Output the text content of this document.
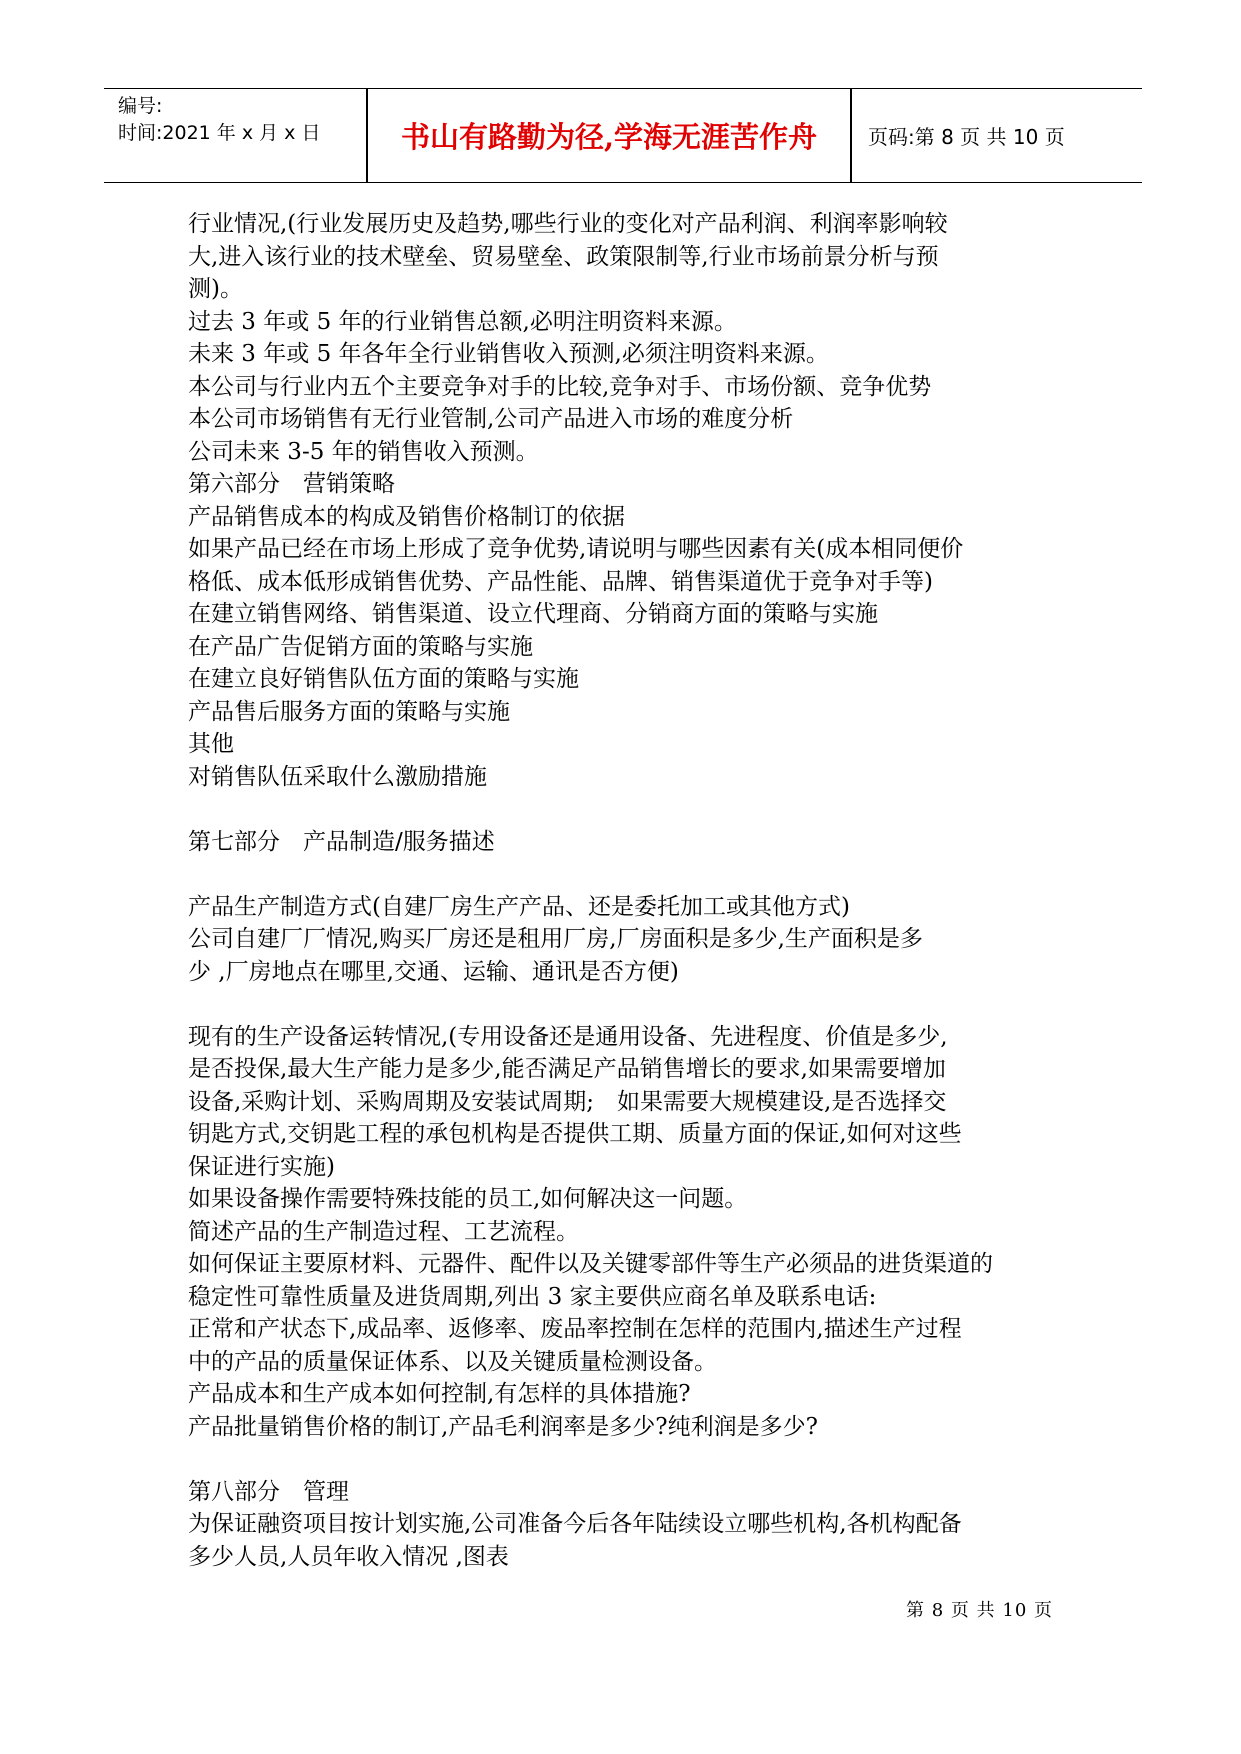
编号:
时间:2021 年 x 月 x 日	书山有路勤为径,学海无涯苦作舟	页码:第 8 页 共 10 页
行业情况,(行业发展历史及趋势,哪些行业的变化对产品利润、利润率影响较
大,进入该行业的技术壁垒、贸易壁垒、政策限制等,行业市场前景分析与预
测)。
过去 3 年或 5 年的行业销售总额,必明注明资料来源。
未来 3 年或 5 年各年全行业销售收入预测,必须注明资料来源。
本公司与行业内五个主要竞争对手的比较,竞争对手、市场份额、竞争优势
本公司市场销售有无行业管制,公司产品进入市场的难度分析
公司未来 3-5 年的销售收入预测。
第六部分　营销策略
产品销售成本的构成及销售价格制订的依据
如果产品已经在市场上形成了竞争优势,请说明与哪些因素有关(成本相同便价
格低、成本低形成销售优势、产品性能、品牌、销售渠道优于竞争对手等)
在建立销售网络、销售渠道、设立代理商、分销商方面的策略与实施
在产品广告促销方面的策略与实施
在建立良好销售队伍方面的策略与实施
产品售后服务方面的策略与实施
其他
对销售队伍采取什么激励措施
第七部分　产品制造/服务描述
产品生产制造方式(自建厂房生产产品、还是委托加工或其他方式)
公司自建厂厂情况,购买厂房还是租用厂房,厂房面积是多少,生产面积是多
少 ,厂房地点在哪里,交通、运输、通讯是否方便)
现有的生产设备运转情况,(专用设备还是通用设备、先进程度、价值是多少,
是否投保,最大生产能力是多少,能否满足产品销售增长的要求,如果需要增加
设备,采购计划、采购周期及安装试周期;　如果需要大规模建设,是否选择交
钥匙方式,交钥匙工程的承包机构是否提供工期、质量方面的保证,如何对这些
保证进行实施)
如果设备操作需要特殊技能的员工,如何解决这一问题。
简述产品的生产制造过程、工艺流程。
如何保证主要原材料、元器件、配件以及关键零部件等生产必须品的进货渠道的
稳定性可靠性质量及进货周期,列出 3 家主要供应商名单及联系电话:
正常和产状态下,成品率、返修率、废品率控制在怎样的范围内,描述生产过程
中的产品的质量保证体系、以及关键质量检测设备。
产品成本和生产成本如何控制,有怎样的具体措施?
产品批量销售价格的制订,产品毛利润率是多少?纯利润是多少?
第八部分　管理
为保证融资项目按计划实施,公司准备今后各年陆续设立哪些机构,各机构配备
多少人员,人员年收入情况 ,图表
第 8 页 共 10 页
